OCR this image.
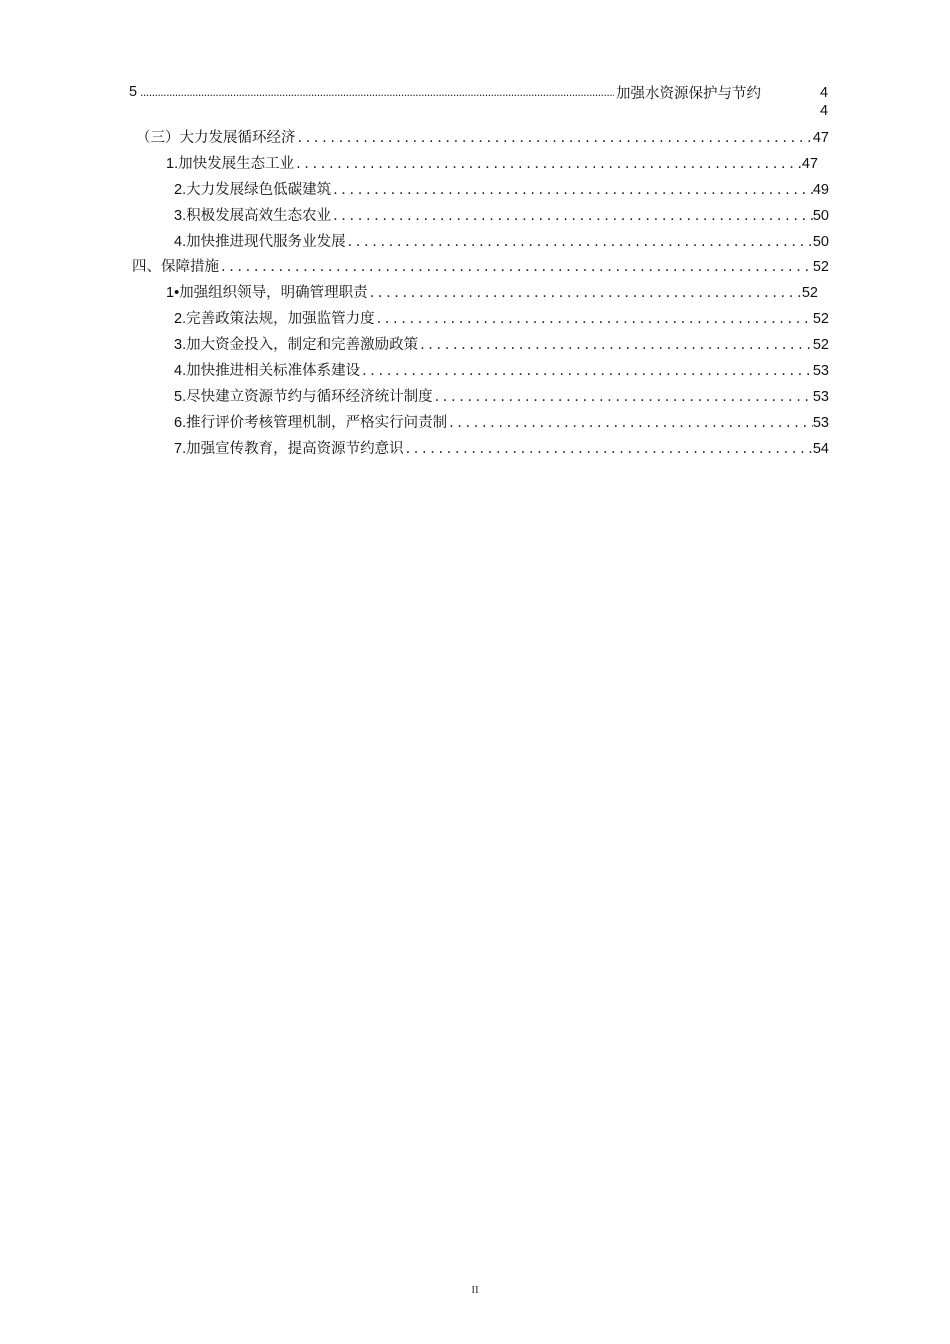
5 .....	加强水资源保护与节约	44
（三）大力发展循环经济 . . .	47
1. 加快发展生态工业 . . .	47
2. 大力发展绿色低碳建筑 . . .	49
3. 积极发展高效生态农业 . . .	50
4. 加快推进现代服务业发展 . . .	50
四、保障措施 . . .	52
1• 加强组织领导，明确管理职责 . . .	52
2. 完善政策法规，加强监管力度 . . .	52
3. 加大资金投入，制定和完善激励政策 . . .	52
4. 加快推进相关标准体系建设 . . .	53
5. 尽快建立资源节约与循环经济统计制度 . . .	53
6. 推行评价考核管理机制，严格实行问责制 . . .	53
7. 加强宣传教育，提高资源节约意识 . . .	54
II
